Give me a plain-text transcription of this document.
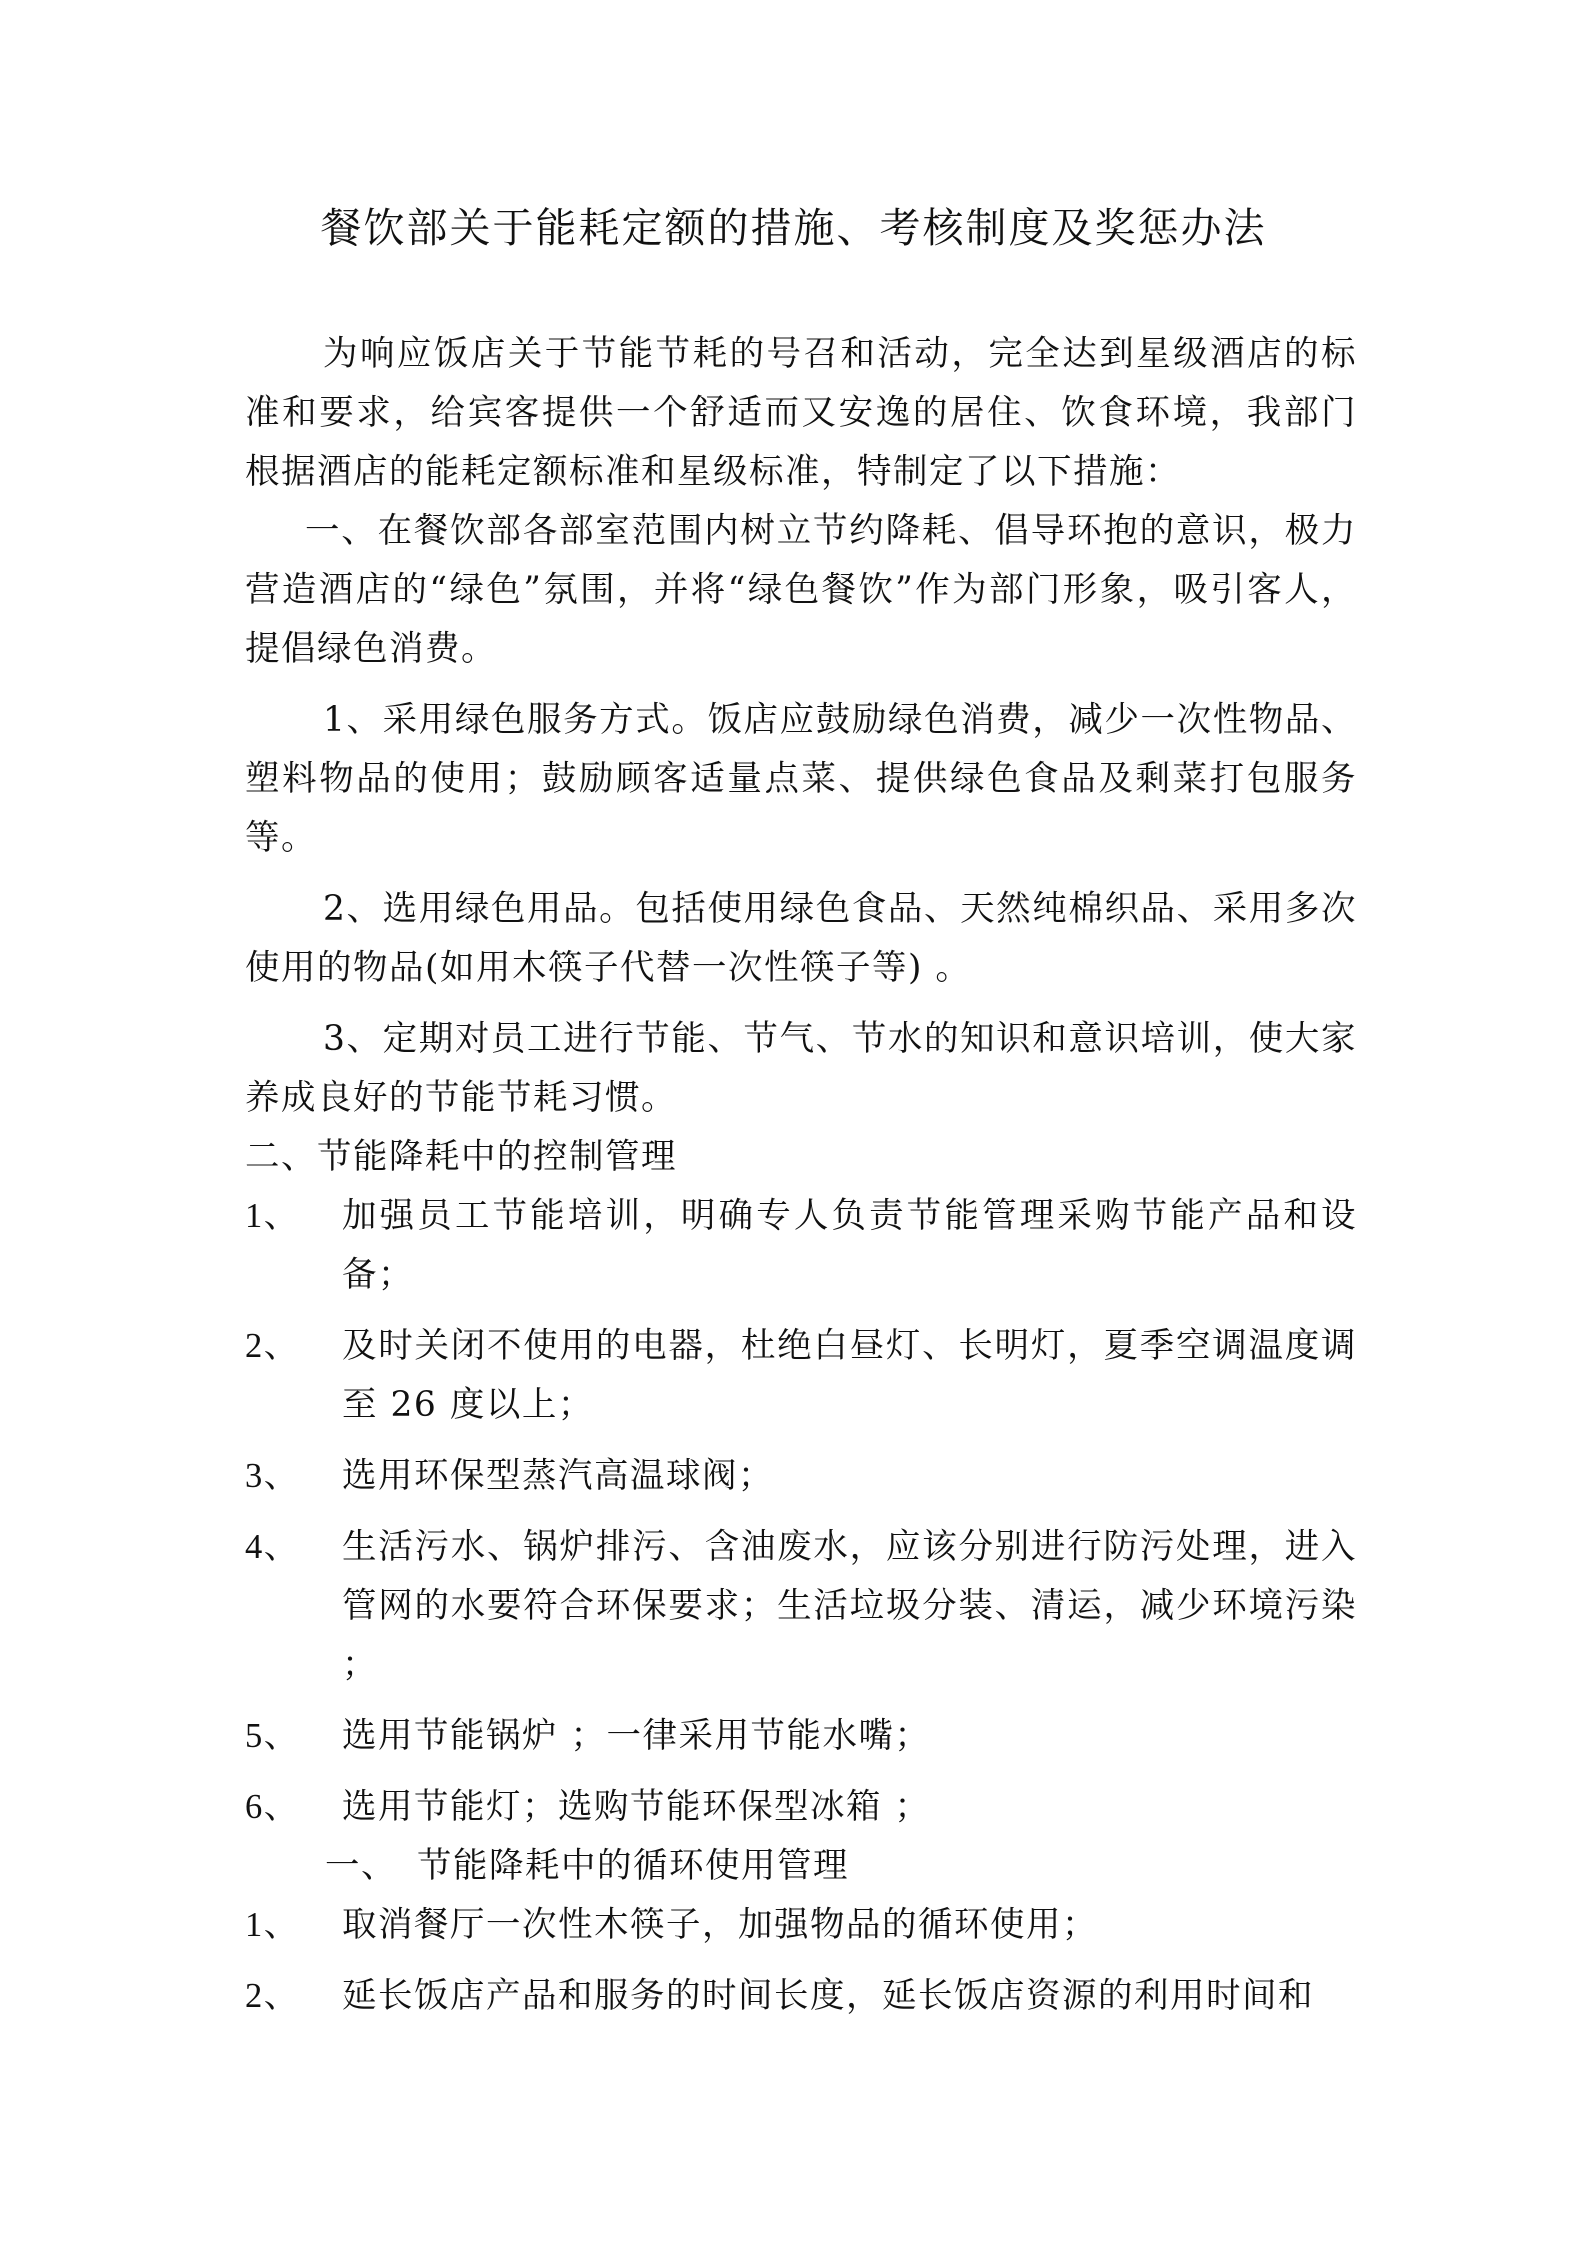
餐饮部关于能耗定额的措施、考核制度及奖惩办法

为响应饭店关于节能节耗的号召和活动，完全达到星级酒店的标准和要求，给宾客提供一个舒适而又安逸的居住、饮食环境，我部门根据酒店的能耗定额标准和星级标准，特制定了以下措施：

一、在餐饮部各部室范围内树立节约降耗、倡导环抱的意识，极力营造酒店的“绿色”氛围，并将“绿色餐饮”作为部门形象，吸引客人，提倡绿色消费。

1、采用绿色服务方式。饭店应鼓励绿色消费，减少一次性物品、塑料物品的使用；鼓励顾客适量点菜、提供绿色食品及剩菜打包服务等。

2、选用绿色用品。包括使用绿色食品、天然纯棉织品、采用多次使用的物品(如用木筷子代替一次性筷子等) 。

3、定期对员工进行节能、节气、节水的知识和意识培训，使大家养成良好的节能节耗习惯。

二、节能降耗中的控制管理

1、	加强员工节能培训，明确专人负责节能管理采购节能产品和设备；
2、	及时关闭不使用的电器，杜绝白昼灯、长明灯，夏季空调温度调至 26 度以上；
3、	选用环保型蒸汽高温球阀；
4、	生活污水、锅炉排污、含油废水，应该分别进行防污处理，进入管网的水要符合环保要求；生活垃圾分装、清运，减少环境污染 ；
5、	选用节能锅炉 ；一律采用节能水嘴；
6、	选用节能灯；选购节能环保型冰箱 ；

一、 节能降耗中的循环使用管理

1、	取消餐厅一次性木筷子，加强物品的循环使用；
2、	延长饭店产品和服务的时间长度，延长饭店资源的利用时间和
